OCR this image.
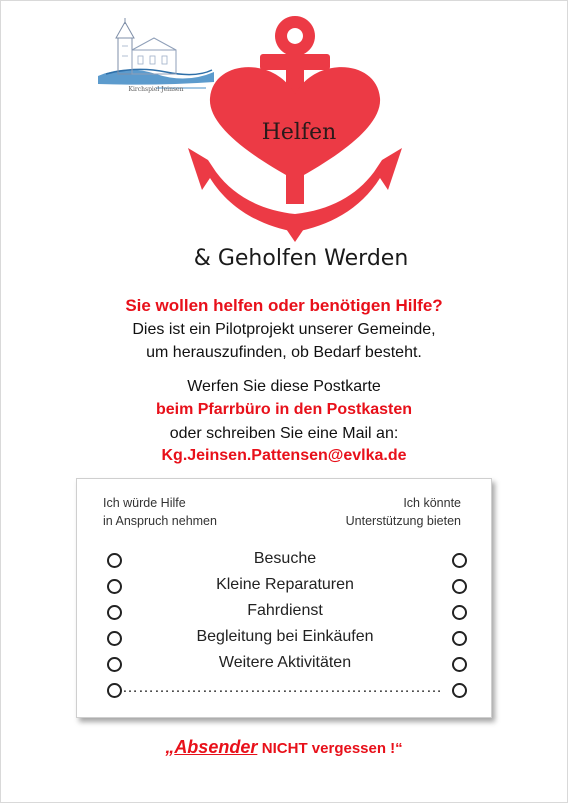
Kirchspiel Jeinsen
Helfen
& Geholfen Werden
Sie wollen helfen oder benötigen Hilfe?
Dies ist ein Pilotprojekt unserer Gemeinde,
um herauszufinden, ob Bedarf besteht.
Werfen Sie diese Postkarte
beim Pfarrbüro in den Postkasten
oder schreiben Sie eine Mail an:
Kg.Jeinsen.Pattensen@evlka.de
Ich würde Hilfe
in Anspruch nehmen
Ich könnte
Unterstützung bieten
Besuche
Kleine Reparaturen
Fahrdienst
Begleitung bei Einkäufen
Weitere Aktivitäten
……………………………………………………
„Absender NICHT vergessen !“
